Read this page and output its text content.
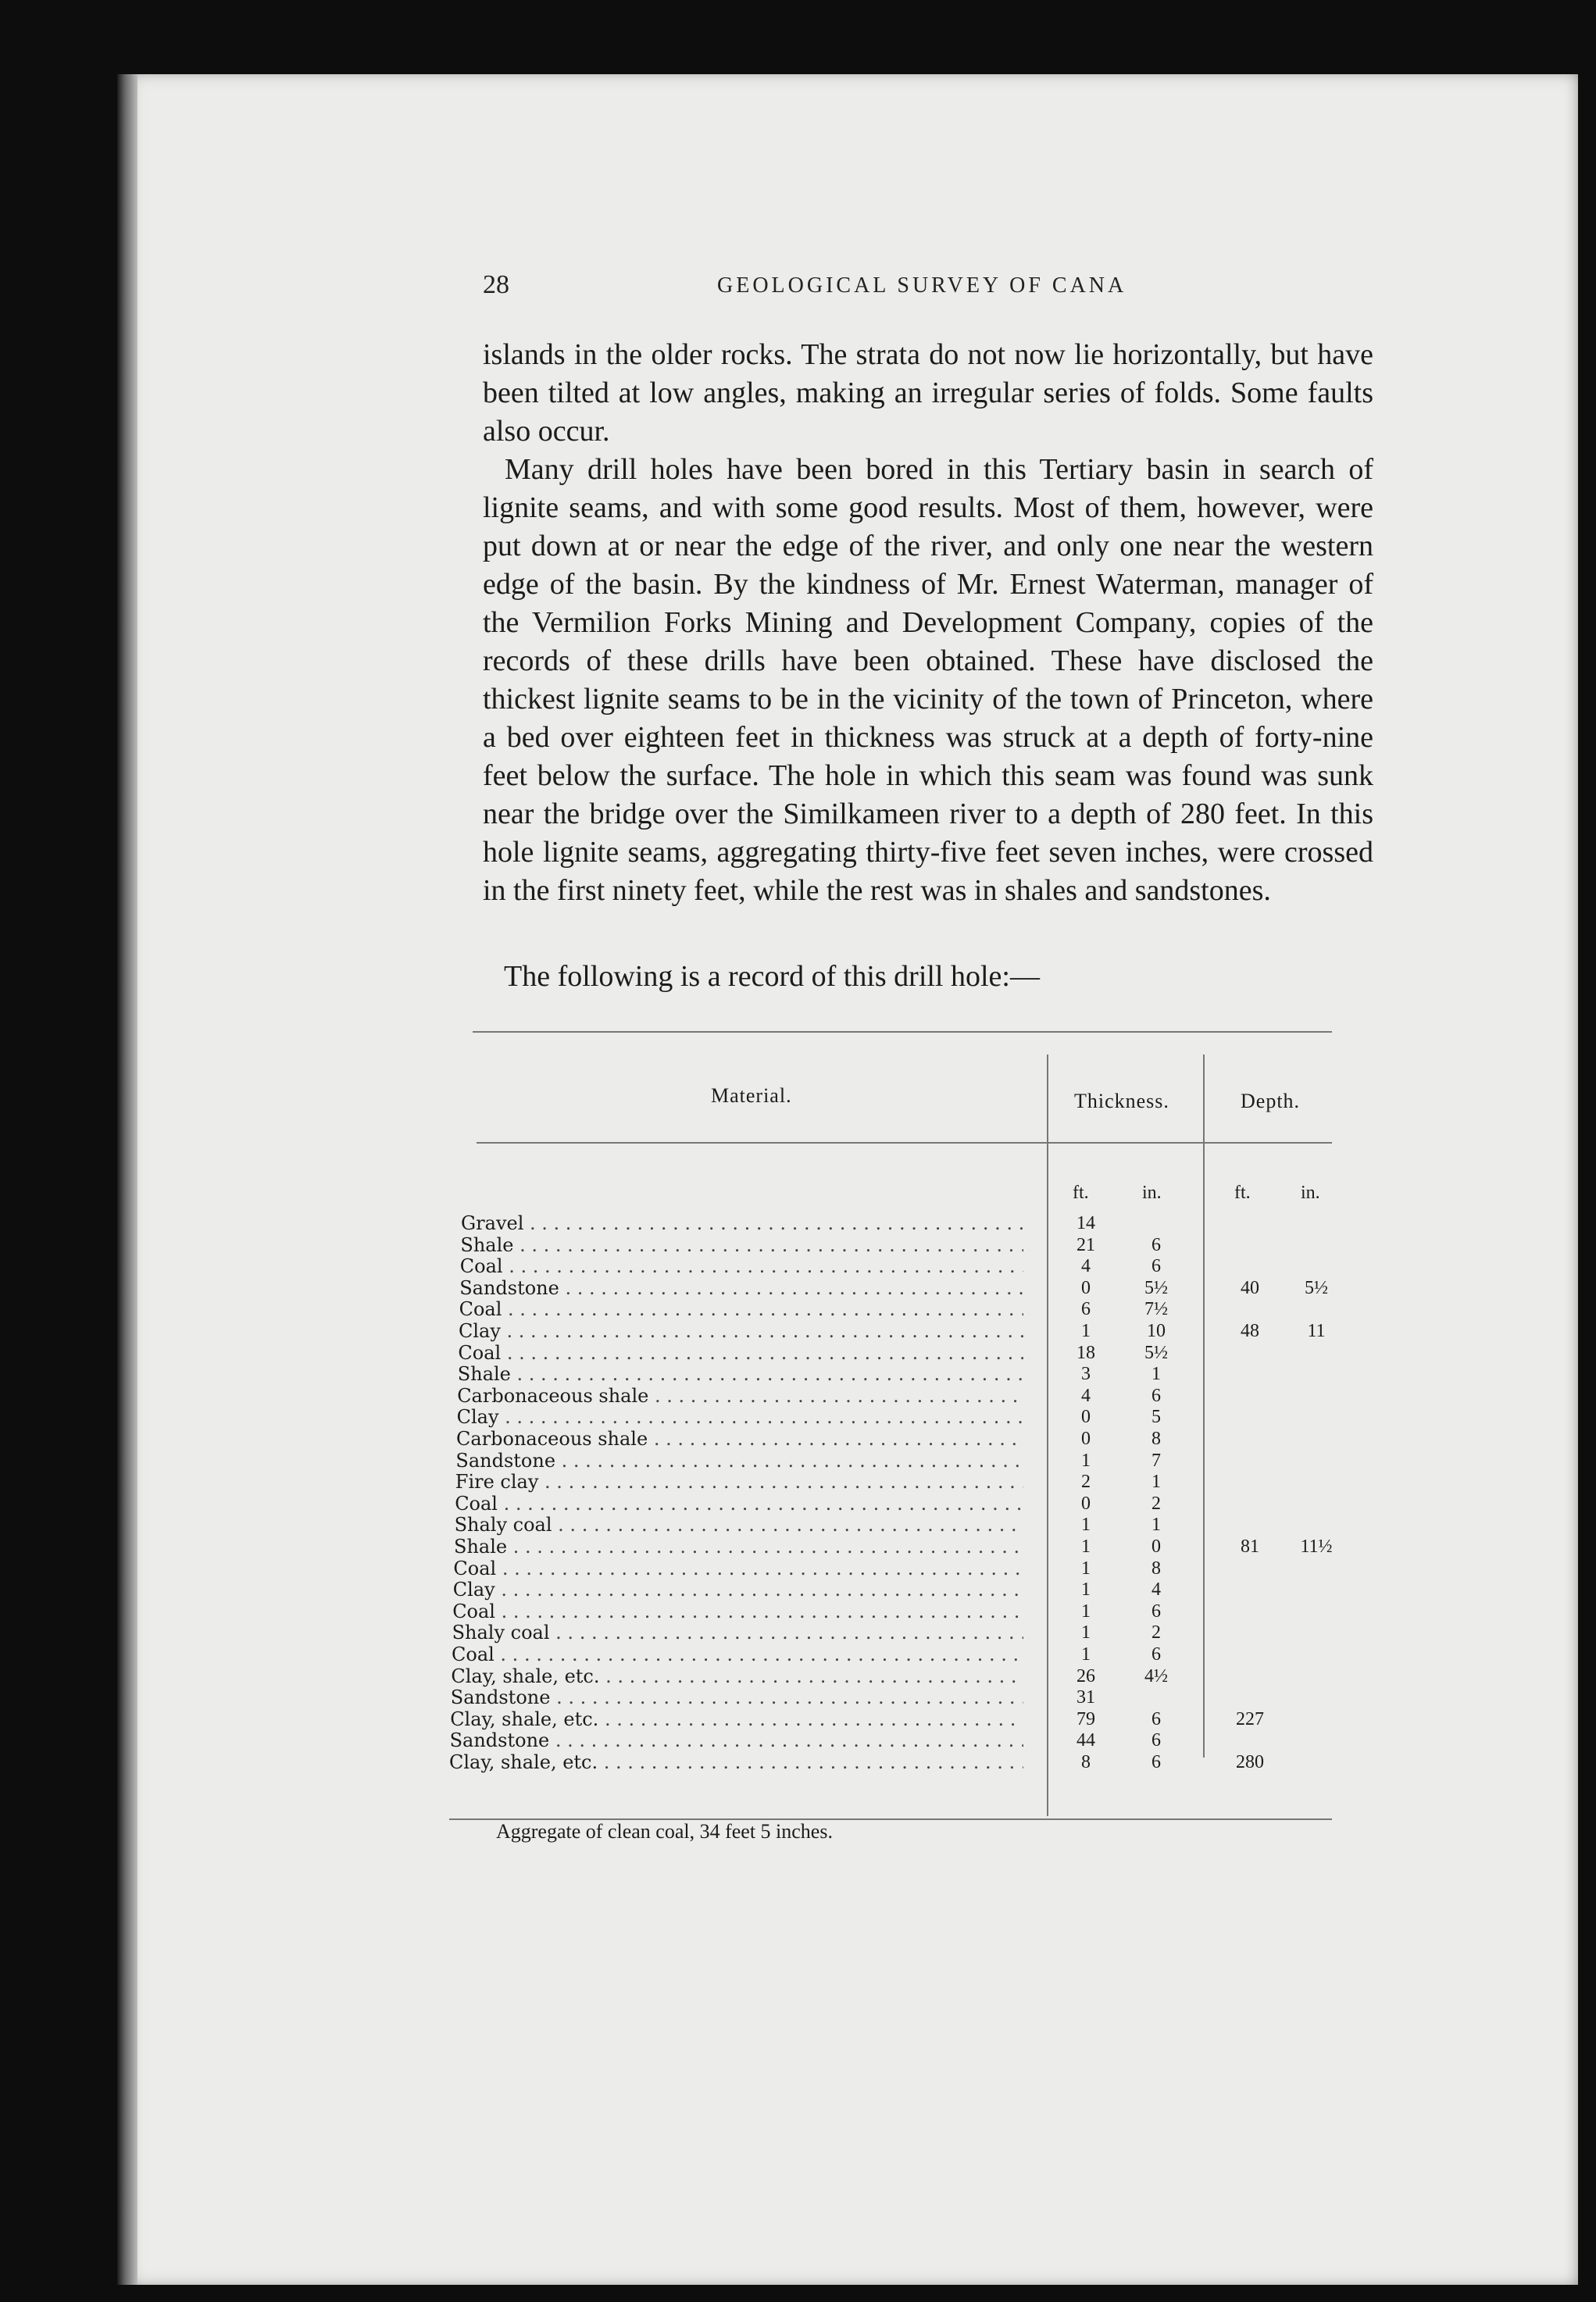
28	GEOLOGICAL SURVEY OF CANA

islands in the older rocks. The strata do not now lie horizontally, but have been tilted at low angles, making an irregular series of folds. Some faults also occur.

Many drill holes have been bored in this Tertiary basin in search of lignite seams, and with some good results. Most of them, however, were put down at or near the edge of the river, and only one near the western edge of the basin. By the kindness of Mr. Ernest Waterman, manager of the Vermilion Forks Mining and Development Company, copies of the records of these drills have been obtained. These have disclosed the thickest lignite seams to be in the vicinity of the town of Princeton, where a bed over eighteen feet in thickness was struck at a depth of forty-nine feet below the surface. The hole in which this seam was found was sunk near the bridge over the Similkameen river to a depth of 280 feet. In this hole lignite seams, aggregating thirty-five feet seven inches, were crossed in the first ninety feet, while the rest was in shales and sandstones.

The following is a record of this drill hole:—
Material.	Thickness.	Depth.
ft.	in.	ft.	in.
Gravel . . .	14
Shale . . .	21	6
Coal . . .	4	6
Sandstone . . .	0	5½	40	5½
Coal . . .	6	7½
Clay . . .	1	10	48	11
Coal . . .	18	5½
Shale . . .	3	1
Carbonaceous shale . . .	4	6
Clay . . .	0	5
Carbonaceous shale . . .	0	8
Sandstone . . .	1	7
Fire clay . . .	2	1
Coal . . .	0	2
Shaly coal . . .	1	1
Shale . . .	1	0	81	11½
Coal . . .	1	8
Clay . . .	1	4
Coal . . .	1	6
Shaly coal . . .	1	2
Coal . . .	1	6
Clay, shale, etc. . . .	26	4½
Sandstone . . .	31
Clay, shale, etc. . . .	79	6	227
Sandstone . . .	44	6
Clay, shale, etc. . . .	8	6	280
Aggregate of clean coal, 34 feet 5 inches.
